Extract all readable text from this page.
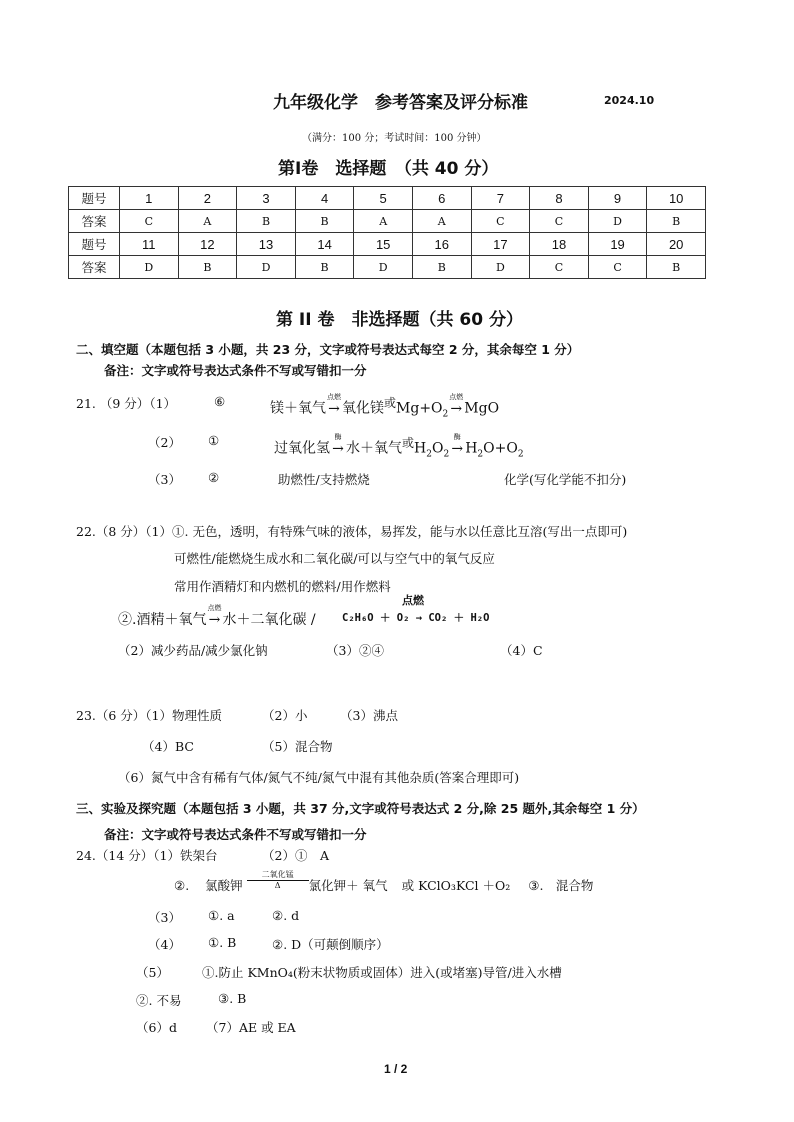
九年级化学　参考答案及评分标准	2024.10
（满分：100 分；考试时间：100 分钟）
第Ⅰ卷　选择题　（共 40 分）
题号	1	2	3	4	5	6	7	8	9	10
答案	C	A	B	B	A	A	C	C	D	B
题号	11	12	13	14	15	16	17	18	19	20
答案	D	B	D	B	D	B	D	C	C	B
第 II 卷　非选择题（共 60 分）
二、填空题（本题包括 3 小题，共 23 分，文字或符号表达式每空 2 分，其余每空 1 分）
备注：文字或符号表达式条件不写或写错扣一分
21. （9 分）（1）	⑥	镁＋氧气
点燃
→ 氧化镁$^或Mg+O_2$
点燃
→ MgO
（2） ①
过氧化氢
酶
→ 水＋氧气$^或H_2O_2$
酶
→ $H_2O+O_2$
（3） ②	助燃性/支持燃烧	化学(写化学能不扣分)
22.（8 分）（1）①. 无色，透明，有特殊气味的液体，易挥发，能与水以任意比互溶(写出一点即可)
可燃性/能燃烧生成水和二氧化碳/可以与空气中的氧气反应
常用作酒精灯和内燃机的燃料/用作燃料
②.酒精＋氧气
点燃
→ 水＋二氧化碳 /
点燃
C₂H₆O ＋ O₂ → CO₂ ＋ H₂O
（2）减少药品/减少氯化钠	（3）②④	（4）C
23.（6 分）（1）物理性质	（2）小	（3）沸点
（4）BC	（5）混合物
（6）氮气中含有稀有气体/氮气不纯/氮气中混有其他杂质(答案合理即可)
三、实验及探究题（本题包括 3 小题，共 37 分,文字或符号表达式 2 分,除 25 题外,其余每空 1 分）
备注：文字或符号表达式条件不写或写错扣一分
24.（14 分）（1）铁架台	（2）①　A
②. 氯酸钾
二氧化锰
Δ	氯化钾＋ 氧气 或 KClO₃KCl ＋O₂ ③.　混合物
（3） ①. a	②. d
（4） ①. B	②. D（可颠倒顺序）
（5）	①.防止 KMnO₄(粉末状物质或固体）进入(或堵塞)导管/进入水槽
②. 不易	③. B
（6）d （7）AE 或 EA
1 / 2
